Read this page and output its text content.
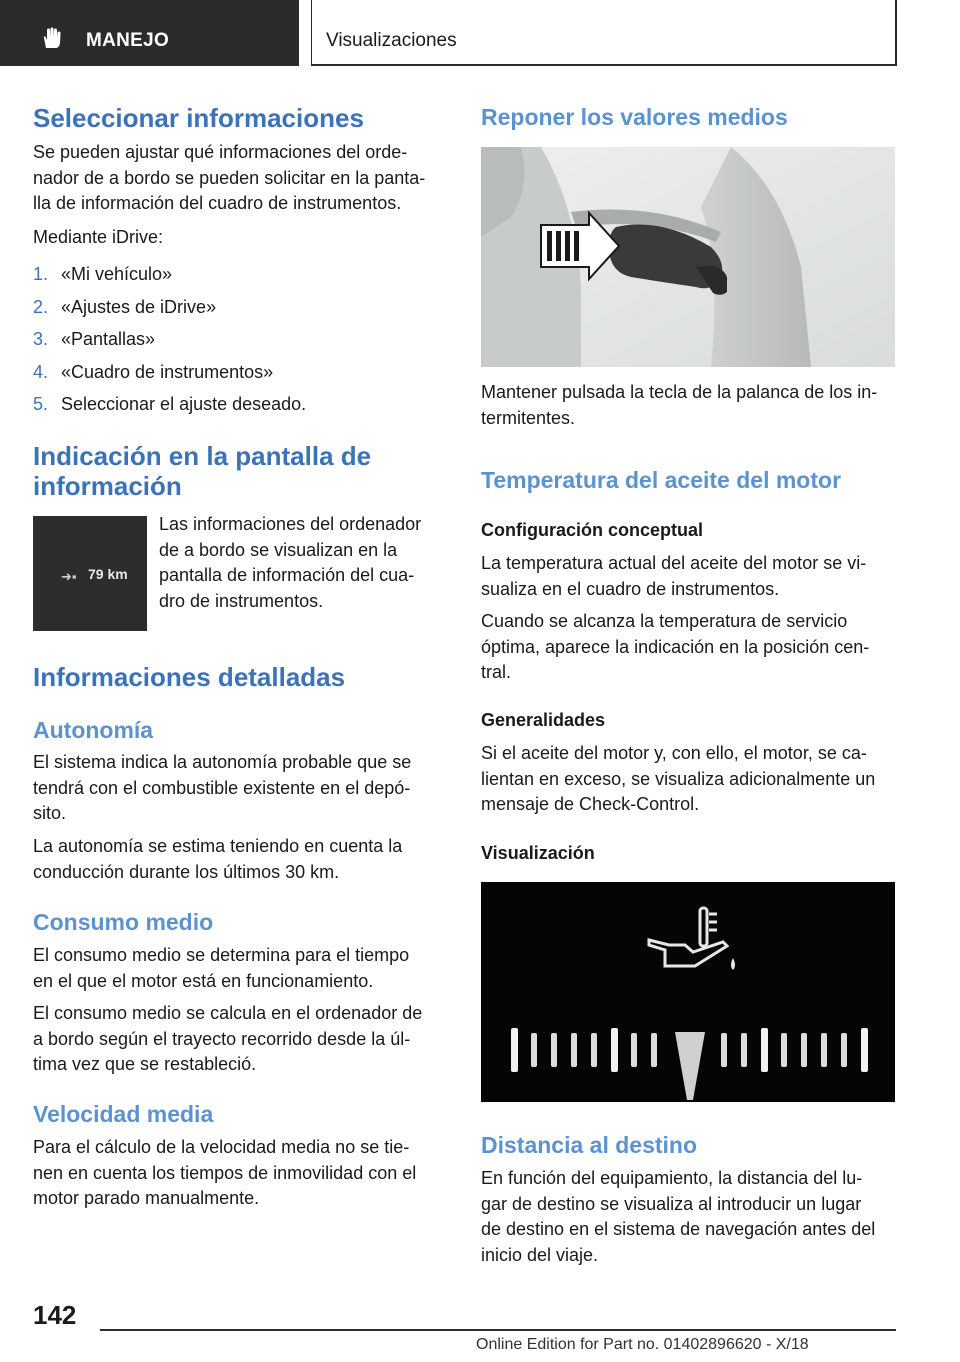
MANEJO	Visualizaciones
Seleccionar informaciones
Se pueden ajustar qué informaciones del orde‐
nador de a bordo se pueden solicitar en la panta‐
lla de información del cuadro de instrumentos.
Mediante iDrive:
1. «Mi vehículo»
2. «Ajustes de iDrive»
3. «Pantallas»
4. «Cuadro de instrumentos»
5. Seleccionar el ajuste deseado.
Indicación en la pantalla de
información
➜▪ 79 km
Las informaciones del ordenador
de a bordo se visualizan en la
pantalla de información del cua‐
dro de instrumentos.
Informaciones detalladas
Autonomía
El sistema indica la autonomía probable que se
tendrá con el combustible existente en el depó‐
sito.
La autonomía se estima teniendo en cuenta la
conducción durante los últimos 30 km.
Consumo medio
El consumo medio se determina para el tiempo
en el que el motor está en funcionamiento.
El consumo medio se calcula en el ordenador de
a bordo según el trayecto recorrido desde la úl‐
tima vez que se restableció.
Velocidad media
Para el cálculo de la velocidad media no se tie‐
nen en cuenta los tiempos de inmovilidad con el
motor parado manualmente.
Reponer los valores medios
Mantener pulsada la tecla de la palanca de los in‐
termitentes.
Temperatura del aceite del motor
Configuración conceptual
La temperatura actual del aceite del motor se vi‐
sualiza en el cuadro de instrumentos.
Cuando se alcanza la temperatura de servicio
óptima, aparece la indicación en la posición cen‐
tral.
Generalidades
Si el aceite del motor y, con ello, el motor, se ca‐
lientan en exceso, se visualiza adicionalmente un
mensaje de Check-Control.
Visualización
Distancia al destino
En función del equipamiento, la distancia del lu‐
gar de destino se visualiza al introducir un lugar
de destino en el sistema de navegación antes del
inicio del viaje.
142
Online Edition for Part no. 01402896620 - X/18
